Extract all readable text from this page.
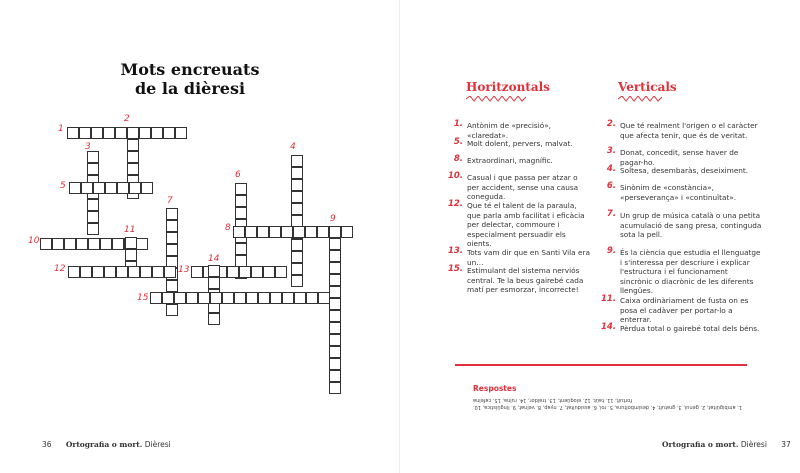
Mots encreuats
de la dièresi
1
2
3	4
5
6
7
8
9
10
11
12	13
14
15
36 Ortografia o mort. Dièresi
Horitzontals	Verticals
1. Antònim de «precisió», «claredat».
5. Molt dolent, pervers, malvat.
8. Extraordinari, magnífic.
10. Casual i que passa per atzar o per accident, sense una causa coneguda.
12. Que té el talent de la paraula, que parla amb facilitat i eficàcia per delectar, commoure i especialment persuadir els oients.
13. Tots vam dir que en Santi Vila era un…
15. Estimulant del sistema nerviós central. Te la beus gairebé cada matí per esmorzar, incorrecte!
2. Que té realment l'origen o el caràcter que afecta tenir, que és de veritat.
3. Donat, concedit, sense haver de pagar-ho.
4. Soltesa, desembaràs, deseiximent.
6. Sinònim de «constància», «perseverança» i «continuïtat».
7. Un grup de música català o una petita acumulació de sang presa, continguda sota la pell.
9. És la ciència que estudia el llenguatge i s'interessa per descriure i explicar l'estructura i el funcionament sincrònic o diacrònic de les diferents llengües.
11. Caixa ordinàriament de fusta on es posa el cadàver per portar-lo a enterrar.
14. Pèrdua total o gairebé total dels béns.
Respostes
1. ambigüitat, 2. genuí, 3. gratuït, 4. desimboltura, 5. roí, 6. assiduïtat, 7. nyap, 8. veïnat, 9. lingüística, 10. fortuït, 11. taüt, 12. eloqüent, 13. traïdor, 14. ruïna, 15. cafeïna
Ortografia o mort. Dièresi 37
